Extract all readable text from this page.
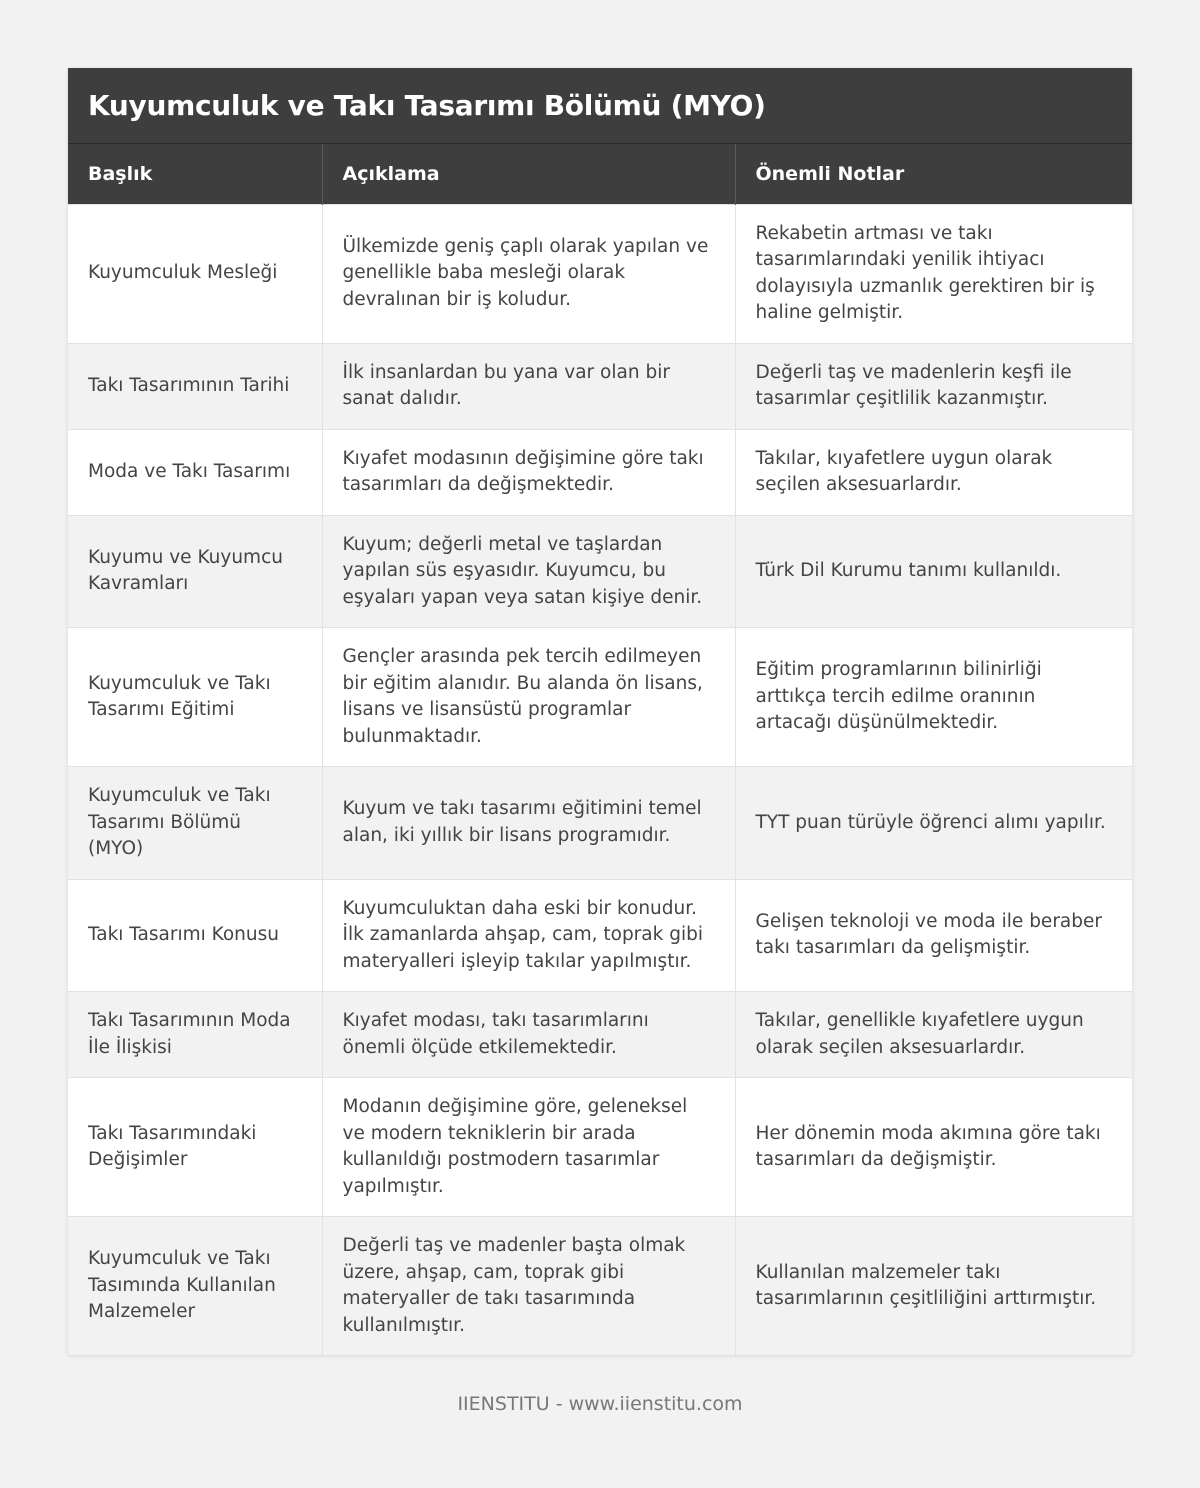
Kuyumculuk ve Takı Tasarımı Bölümü (MYO)
Başlık	Açıklama	Önemli Notlar
Kuyumculuk Mesleği	Ülkemizde geniş çaplı olarak yapılan ve genellikle baba mesleği olarak devralınan bir iş koludur.	Rekabetin artması ve takı tasarımlarındaki yenilik ihtiyacı dolayısıyla uzmanlık gerektiren bir iş haline gelmiştir.
Takı Tasarımının Tarihi	İlk insanlardan bu yana var olan bir sanat dalıdır.	Değerli taş ve madenlerin keşfi ile tasarımlar çeşitlilik kazanmıştır.
Moda ve Takı Tasarımı	Kıyafet modasının değişimine göre takı tasarımları da değişmektedir.	Takılar, kıyafetlere uygun olarak seçilen aksesuarlardır.
Kuyumu ve Kuyumcu Kavramları	Kuyum; değerli metal ve taşlardan yapılan süs eşyasıdır. Kuyumcu, bu eşyaları yapan veya satan kişiye denir.	Türk Dil Kurumu tanımı kullanıldı.
Kuyumculuk ve Takı Tasarımı Eğitimi	Gençler arasında pek tercih edilmeyen bir eğitim alanıdır. Bu alanda ön lisans, lisans ve lisansüstü programlar bulunmaktadır.	Eğitim programlarının bilinirliği arttıkça tercih edilme oranının artacağı düşünülmektedir.
Kuyumculuk ve Takı Tasarımı Bölümü (MYO)	Kuyum ve takı tasarımı eğitimini temel alan, iki yıllık bir lisans programıdır.	TYT puan türüyle öğrenci alımı yapılır.
Takı Tasarımı Konusu	Kuyumculuktan daha eski bir konudur. İlk zamanlarda ahşap, cam, toprak gibi materyalleri işleyip takılar yapılmıştır.	Gelişen teknoloji ve moda ile beraber takı tasarımları da gelişmiştir.
Takı Tasarımının Moda İle İlişkisi	Kıyafet modası, takı tasarımlarını önemli ölçüde etkilemektedir.	Takılar, genellikle kıyafetlere uygun olarak seçilen aksesuarlardır.
Takı Tasarımındaki Değişimler	Modanın değişimine göre, geleneksel ve modern tekniklerin bir arada kullanıldığı postmodern tasarımlar yapılmıştır.	Her dönemin moda akımına göre takı tasarımları da değişmiştir.
Kuyumculuk ve Takı Tasımında Kullanılan Malzemeler	Değerli taş ve madenler başta olmak üzere, ahşap, cam, toprak gibi materyaller de takı tasarımında kullanılmıştır.	Kullanılan malzemeler takı tasarımlarının çeşitliliğini arttırmıştır.
IIENSTITU - www.iienstitu.com
